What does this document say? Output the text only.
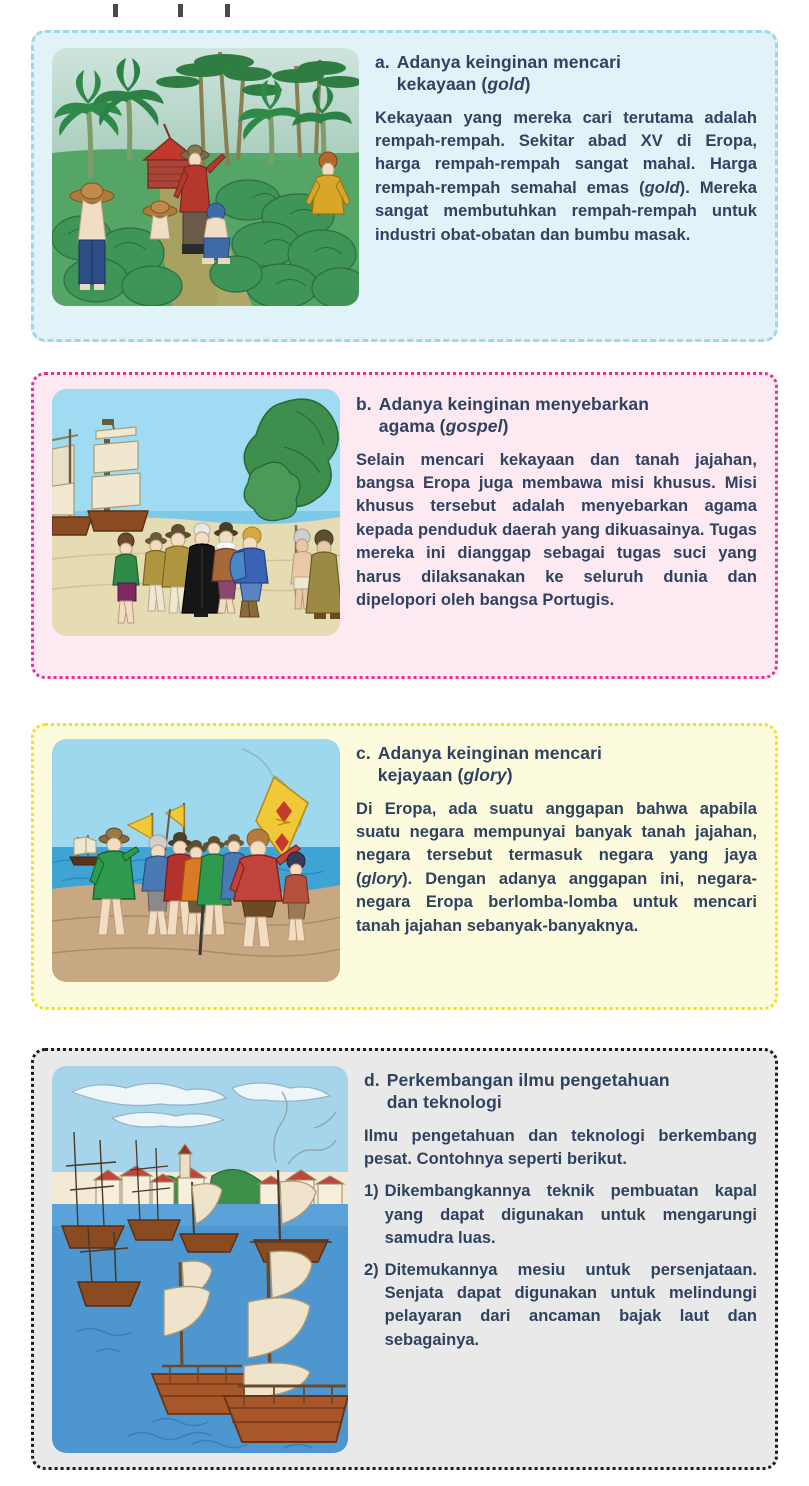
a. Adanya keinginan mencari
kekayaan (gold)

Kekayaan yang mereka cari terutama adalah rempah-rempah. Sekitar abad XV di Eropa, harga rempah-rempah sangat mahal. Harga rempah-rempah semahal emas (gold). Mereka sangat membutuhkan rempah-rempah untuk industri obat-obatan dan bumbu masak.

b. Adanya keinginan menyebarkan
agama (gospel)

Selain mencari kekayaan dan tanah jajahan, bangsa Eropa juga membawa misi khusus. Misi khusus tersebut adalah menyebarkan agama kepada penduduk daerah yang dikuasainya. Tugas mereka ini dianggap sebagai tugas suci yang harus dilaksanakan ke seluruh dunia dan dipelopori oleh bangsa Portugis.

c. Adanya keinginan mencari
kejayaan (glory)

Di Eropa, ada suatu anggapan bahwa apabila suatu negara mempunyai banyak tanah jajahan, negara tersebut termasuk negara yang jaya (glory). Dengan adanya anggapan ini, negara-negara Eropa berlomba-lomba untuk mencari tanah jajahan sebanyak-banyaknya.

d. Perkembangan ilmu pengetahuan
dan teknologi

Ilmu pengetahuan dan teknologi berkembang pesat. Contohnya seperti berikut.

1) Dikembangkannya teknik pembuatan kapal yang dapat digunakan untuk mengarungi samudra luas.
2) Ditemukannya mesiu untuk persenjataan. Senjata dapat digunakan untuk melindungi pelayaran dari ancaman bajak laut dan sebagainya.
